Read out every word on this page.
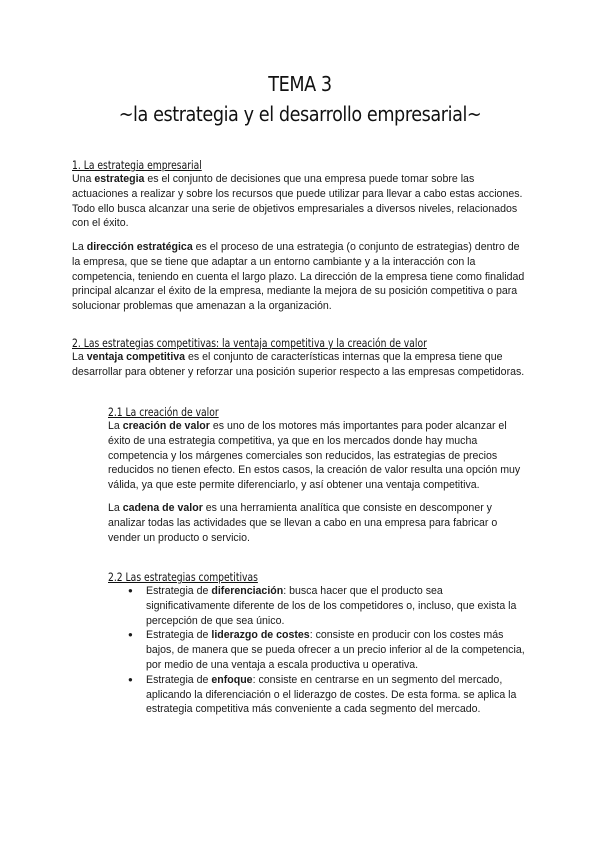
TEMA 3
~la estrategia y el desarrollo empresarial~
1. La estrategia empresarial
Una estrategia es el conjunto de decisiones que una empresa puede tomar sobre las actuaciones a realizar y sobre los recursos que puede utilizar para llevar a cabo estas acciones. Todo ello busca alcanzar una serie de objetivos empresariales a diversos niveles, relacionados con el éxito.
La dirección estratégica es el proceso de una estrategia (o conjunto de estrategias) dentro de la empresa, que se tiene que adaptar a un entorno cambiante y a la interacción con la competencia, teniendo en cuenta el largo plazo. La dirección de la empresa tiene como finalidad principal alcanzar el éxito de la empresa, mediante la mejora de su posición competitiva o para solucionar problemas que amenazan a la organización.
2. Las estrategias competitivas: la ventaja competitiva y la creación de valor
La ventaja competitiva es el conjunto de características internas que la empresa tiene que desarrollar para obtener y reforzar una posición superior respecto a las empresas competidoras.
2.1 La creación de valor
La creación de valor es uno de los motores más importantes para poder alcanzar el éxito de una estrategia competitiva, ya que en los mercados donde hay mucha competencia y los márgenes comerciales son reducidos, las estrategias de precios reducidos no tienen efecto. En estos casos, la creación de valor resulta una opción muy válida, ya que este permite diferenciarlo, y así obtener una ventaja competitiva.
La cadena de valor es una herramienta analítica que consiste en descomponer y analizar todas las actividades que se llevan a cabo en una empresa para fabricar o vender un producto o servicio.
2.2 Las estrategias competitivas
● Estrategia de diferenciación: busca hacer que el producto sea significativamente diferente de los de los competidores o, incluso, que exista la percepción de que sea único.
● Estrategia de liderazgo de costes: consiste en producir con los costes más bajos, de manera que se pueda ofrecer a un precio inferior al de la competencia, por medio de una ventaja a escala productiva u operativa.
● Estrategia de enfoque: consiste en centrarse en un segmento del mercado, aplicando la diferenciación o el liderazgo de costes. De esta forma. se aplica la estrategia competitiva más conveniente a cada segmento del mercado.
